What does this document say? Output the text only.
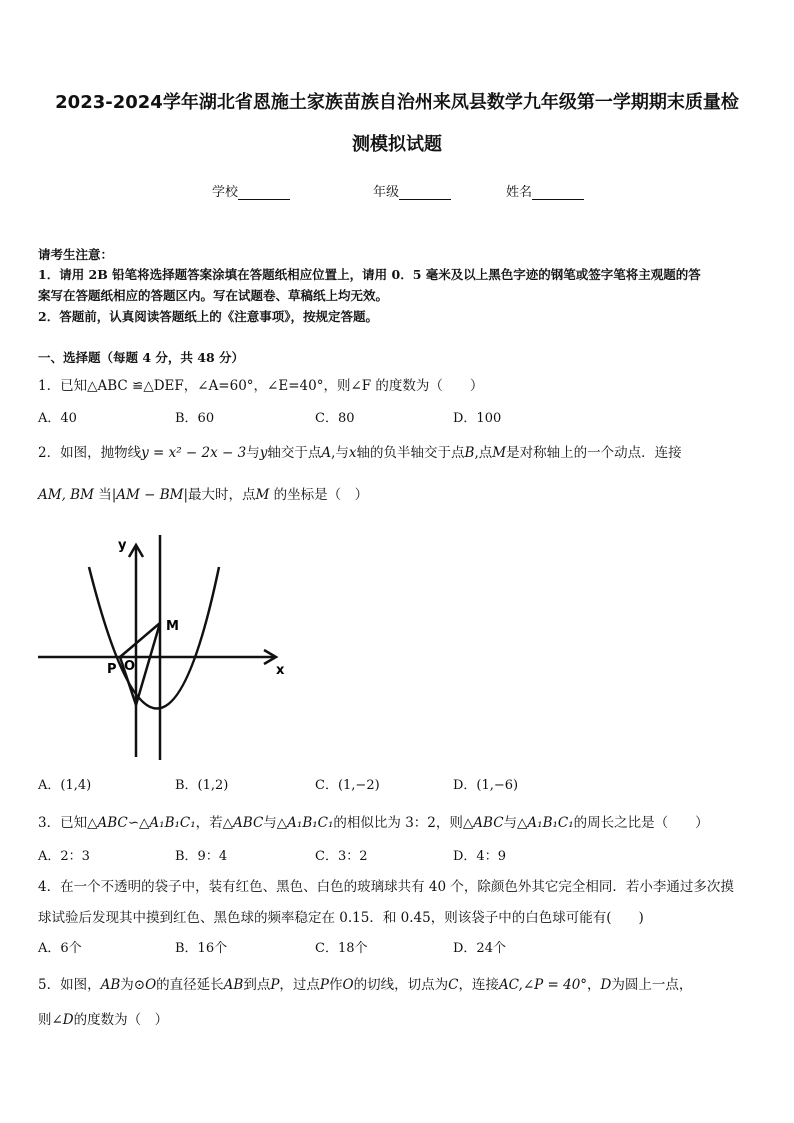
2023-2024学年湖北省恩施土家族苗族自治州来凤县数学九年级第一学期期末质量检
测模拟试题
学校	年级	姓名
请考生注意：
1．请用 2B 铅笔将选择题答案涂填在答题纸相应位置上，请用 0．5 毫米及以上黑色字迹的钢笔或签字笔将主观题的答
案写在答题纸相应的答题区内。写在试题卷、草稿纸上均无效。
2．答题前，认真阅读答题纸上的《注意事项》，按规定答题。
一、选择题（每题 4 分，共 48 分）
1．已知△ABC ≌△DEF，∠A=60°，∠E=40°，则∠F 的度数为（　　）
A．40	B．60	C．80	D．100
2．如图，抛物线y = x² − 2x − 3与y轴交于点A,与x轴的负半轴交于点B,点M是对称轴上的一个动点．连接
AM, BM 当|AM − BM|最大时，点M 的坐标是（　）
y
x
M
P O
A．(1,4)	B．(1,2)	C．(1,−2)	D．(1,−6)
3．已知△ABC∽△A₁B₁C₁，若△ABC与△A₁B₁C₁的相似比为 3：2，则△ABC与△A₁B₁C₁的周长之比是（　　）
A．2：3	B．9：4	C．3：2	D．4：9
4．在一个不透明的袋子中，装有红色、黑色、白色的玻璃球共有 40 个，除颜色外其它完全相同．若小李通过多次摸
球试验后发现其中摸到红色、黑色球的频率稳定在 0.15．和 0.45，则该袋子中的白色球可能有(　　)
A．6个	B．16个	C．18个	D．24个
5．如图，AB为⊙O的直径延长AB到点P，过点P作O的切线，切点为C，连接AC,∠P = 40°，D为圆上一点，
则∠D的度数为（　）
